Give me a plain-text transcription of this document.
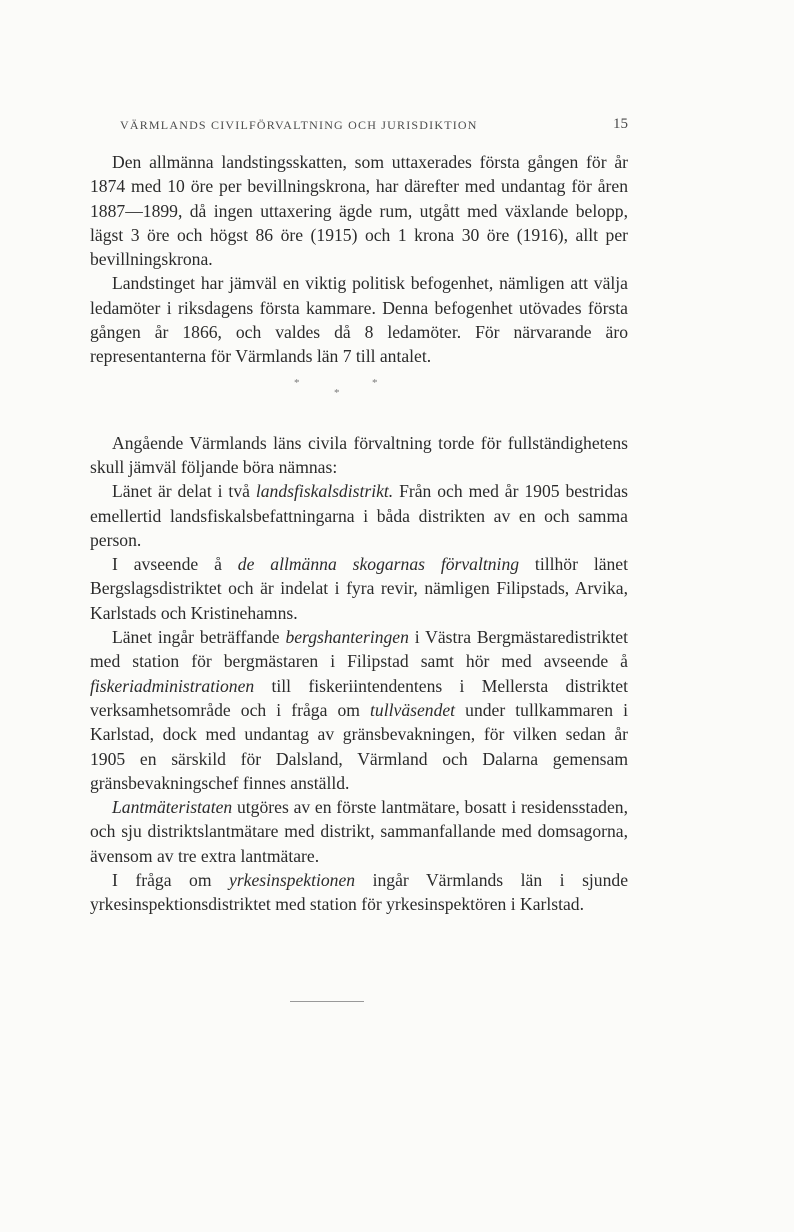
VÄRMLANDS CIVILFÖRVALTNING OCH JURISDIKTION	15

Den allmänna landstingsskatten, som uttaxerades första gången för år 1874 med 10 öre per bevillningskrona, har därefter med undantag för åren 1887—1899, då ingen uttaxering ägde rum, utgått med växlande belopp, lägst 3 öre och högst 86 öre (1915) och 1 krona 30 öre (1916), allt per bevillningskrona.

Landstinget har jämväl en viktig politisk befogenhet, nämligen att välja ledamöter i riksdagens första kammare. Denna befogenhet utövades första gången år 1866, och valdes då 8 ledamöter. För närvarande äro representanterna för Värmlands län 7 till antalet.

*
*
*

Angående Värmlands läns civila förvaltning torde för fullständighetens skull jämväl följande böra nämnas:

Länet är delat i två landsfiskalsdistrikt. Från och med år 1905 bestridas emellertid landsfiskalsbefattningarna i båda distrikten av en och samma person.

I avseende å de allmänna skogarnas förvaltning tillhör länet Bergslagsdistriktet och är indelat i fyra revir, nämligen Filipstads, Arvika, Karlstads och Kristinehamns.

Länet ingår beträffande bergshanteringen i Västra Bergmästaredistriktet med station för bergmästaren i Filipstad samt hör med avseende å fiskeriadministrationen till fiskeriintendentens i Mellersta distriktet verksamhetsområde och i fråga om tullväsendet under tullkammaren i Karlstad, dock med undantag av gränsbevakningen, för vilken sedan år 1905 en särskild för Dalsland, Värmland och Dalarna gemensam gränsbevakningschef finnes anställd.

Lantmäteristaten utgöres av en förste lantmätare, bosatt i residensstaden, och sju distriktslantmätare med distrikt, sammanfallande med domsagorna, ävensom av tre extra lantmätare.

I fråga om yrkesinspektionen ingår Värmlands län i sjunde yrkesinspektionsdistriktet med station för yrkesinspektören i Karlstad.
